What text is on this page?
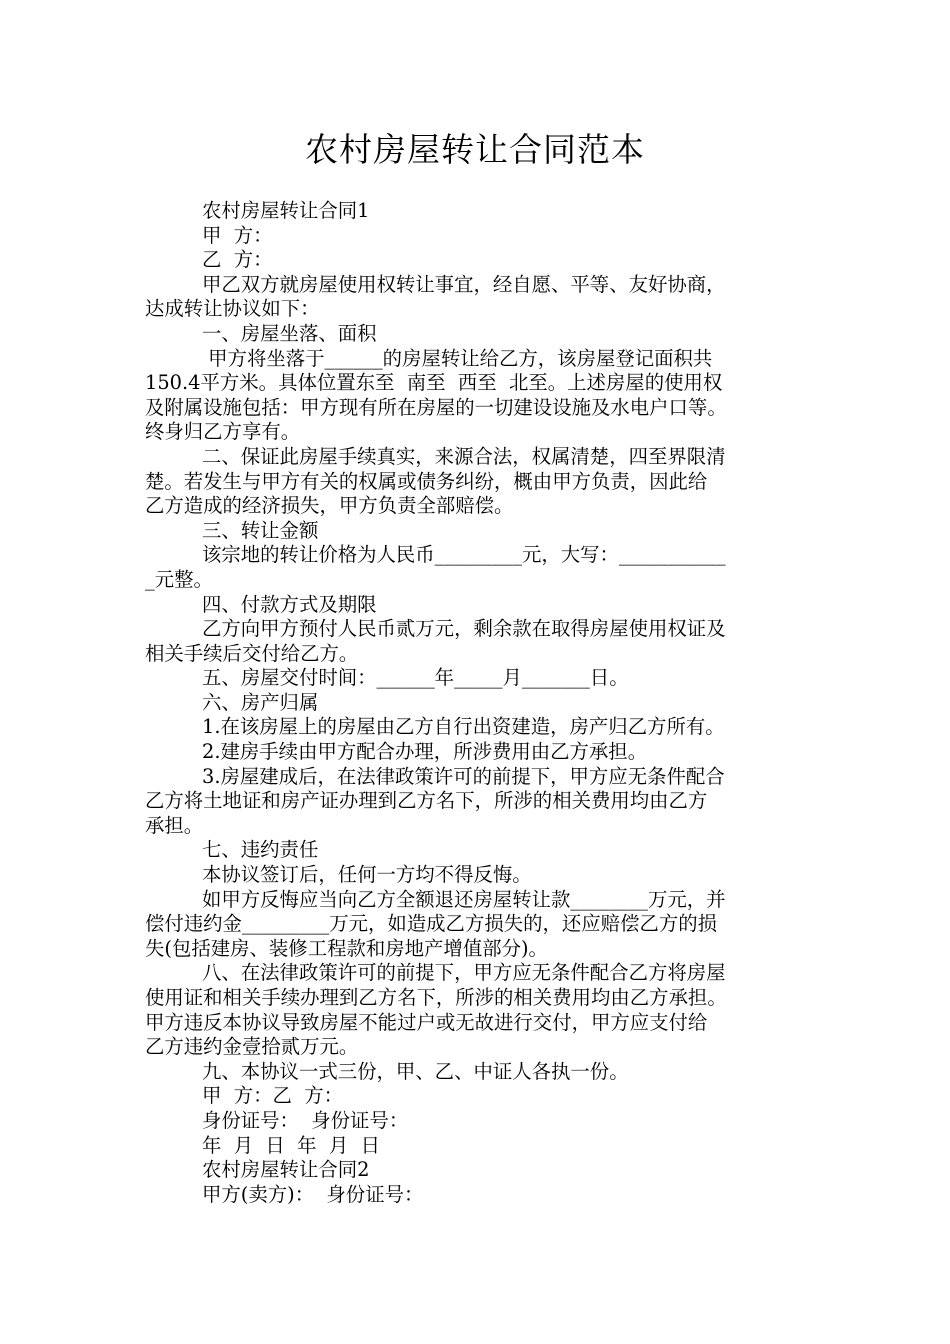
农村房屋转让合同范本
农村房屋转让合同1
甲  方：
乙  方：
甲乙双方就房屋使用权转让事宜，经自愿、平等、友好协商，
达成转让协议如下：
一、房屋坐落、面积
甲方将坐落于______的房屋转让给乙方，该房屋登记面积共
150.4平方米。具体位置东至  南至  西至  北至。上述房屋的使用权
及附属设施包括：甲方现有所在房屋的一切建设设施及水电户口等。
终身归乙方享有。
二、保证此房屋手续真实，来源合法，权属清楚，四至界限清
楚。若发生与甲方有关的权属或债务纠纷，概由甲方负责，因此给
乙方造成的经济损失，甲方负责全部赔偿。
三、转让金额
该宗地的转让价格为人民币_________元，大写：___________
_元整。
四、付款方式及期限
乙方向甲方预付人民币贰万元，剩余款在取得房屋使用权证及
相关手续后交付给乙方。
五、房屋交付时间：______年_____月_______日。
六、房产归属
1.在该房屋上的房屋由乙方自行出资建造，房产归乙方所有。
2.建房手续由甲方配合办理，所涉费用由乙方承担。
3.房屋建成后，在法律政策许可的前提下，甲方应无条件配合
乙方将土地证和房产证办理到乙方名下，所涉的相关费用均由乙方
承担。
七、违约责任
本协议签订后，任何一方均不得反悔。
如甲方反悔应当向乙方全额退还房屋转让款________万元，并
偿付违约金_________万元，如造成乙方损失的，还应赔偿乙方的损
失(包括建房、装修工程款和房地产增值部分)。
八、在法律政策许可的前提下，甲方应无条件配合乙方将房屋
使用证和相关手续办理到乙方名下，所涉的相关费用均由乙方承担。
甲方违反本协议导致房屋不能过户或无故进行交付，甲方应支付给
乙方违约金壹拾贰万元。
九、本协议一式三份，甲、乙、中证人各执一份。
甲  方：乙  方：
身份证号：  身份证号：
年  月  日  年  月  日
农村房屋转让合同2
甲方(卖方)：  身份证号：
